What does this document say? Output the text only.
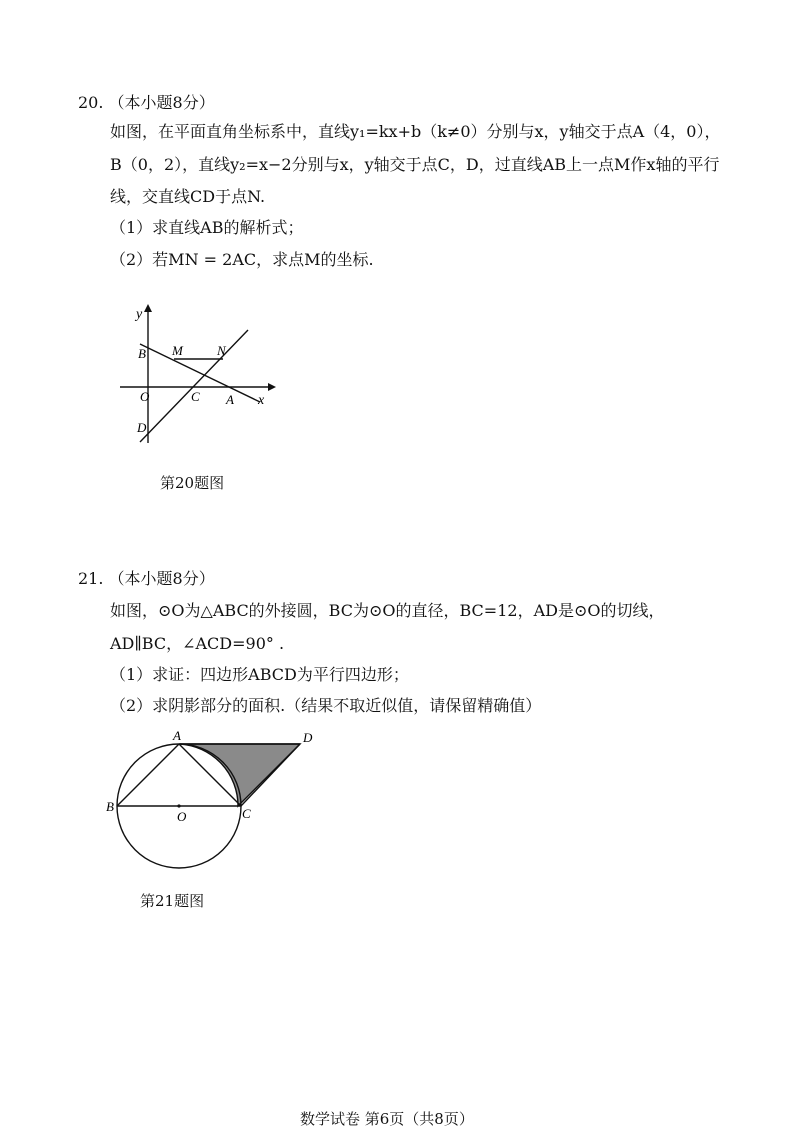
20. （本小题8分）
如图，在平面直角坐标系中，直线y₁=kx+b（k≠0）分别与x，y轴交于点A（4，0），
B（0，2），直线y₂=x−2分别与x，y轴交于点C，D，过直线AB上一点M作x轴的平行
线，交直线CD于点N.
（1）求直线AB的解析式；
（2）若MN = 2AC，求点M的坐标.
y
x
B M	N
O	C A
D
第20题图
21. （本小题8分）
如图，⊙O为△ABC的外接圆，BC为⊙O的直径，BC=12，AD是⊙O的切线，
AD∥BC，∠ACD=90° .
（1）求证：四边形ABCD为平行四边形；
（2）求阴影部分的面积.（结果不取近似值，请保留精确值）
A	D
B
O	C
第21题图
数学试卷 第6页（共8页）
